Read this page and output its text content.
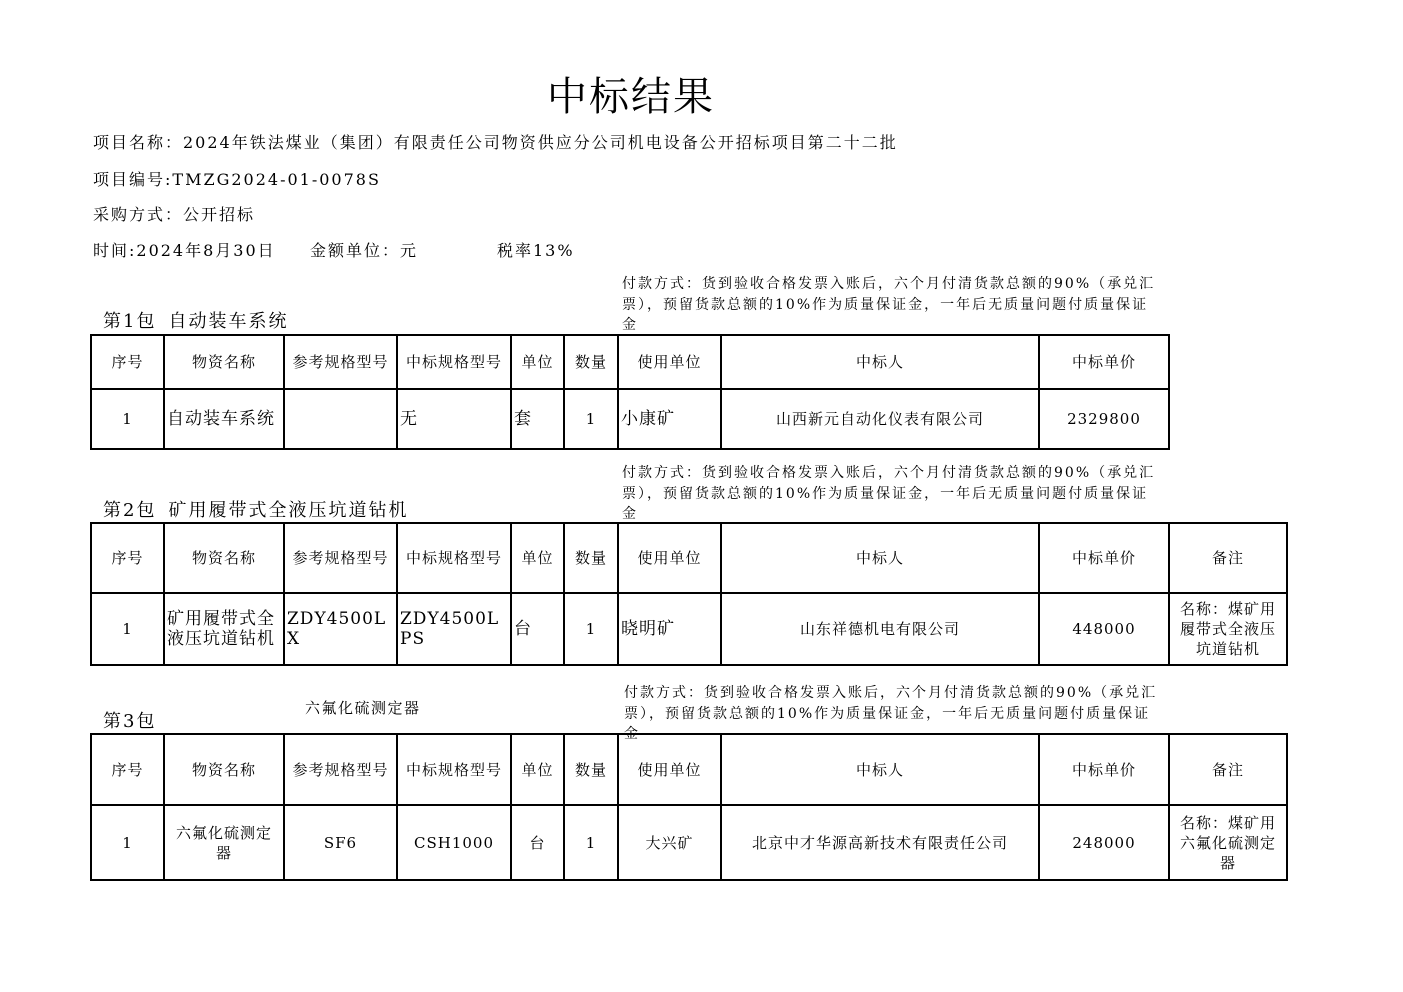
中标结果
项目名称：2024年铁法煤业（集团）有限责任公司物资供应分公司机电设备公开招标项目第二十二批
项目编号:TMZG2024-01-0078S
采购方式：公开招标
时间:2024年8月30日 金额单位：元	税率13%
付款方式：货到验收合格发票入账后，六个月付清货款总额的90%（承兑汇
票），预留货款总额的10%作为质量保证金，一年后无质量问题付质量保证
金
第1包 自动装车系统
序号	物资名称	参考规格型号	中标规格型号	单位	数量	使用单位	中标人	中标单价
1	自动装车系统		无	套	1	小康矿	山西新元自动化仪表有限公司	2329800
付款方式：货到验收合格发票入账后，六个月付清货款总额的90%（承兑汇
票），预留货款总额的10%作为质量保证金，一年后无质量问题付质量保证
金
第2包 矿用履带式全液压坑道钻机
序号	物资名称	参考规格型号	中标规格型号	单位	数量	使用单位	中标人	中标单价	备注
1	矿用履带式全液压坑道钻机	ZDY4500LX	ZDY4500LPS	台	1	晓明矿	山东祥德机电有限公司	448000	名称：煤矿用履带式全液压坑道钻机
付款方式：货到验收合格发票入账后，六个月付清货款总额的90%（承兑汇
票），预留货款总额的10%作为质量保证金，一年后无质量问题付质量保证
金
第3包
六氟化硫测定器
序号	物资名称	参考规格型号	中标规格型号	单位	数量	使用单位	中标人	中标单价	备注
1	六氟化硫测定器	SF6	CSH1000	台	1	大兴矿	北京中才华源高新技术有限责任公司	248000	名称：煤矿用六氟化硫测定器
